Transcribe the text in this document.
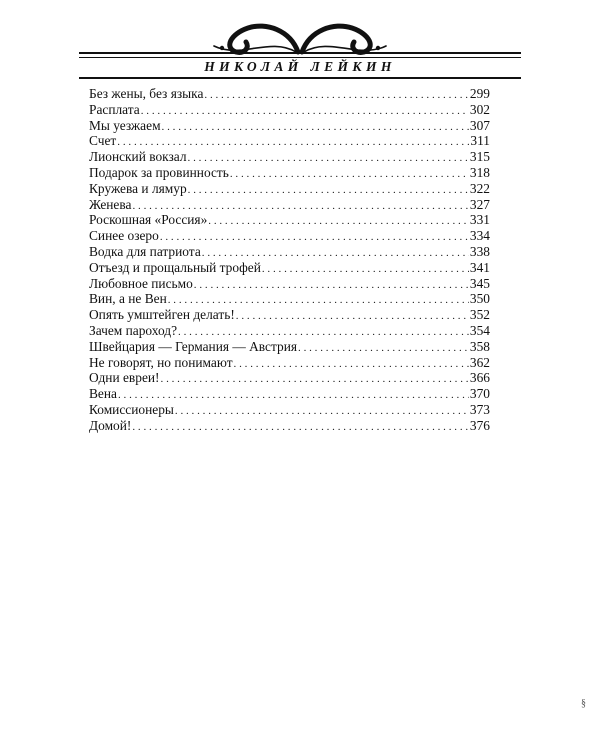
НИКОЛАЙ ЛЕЙКИН
Без жены, без языка .....	299
Расплата .....	302
Мы уезжаем .....	307
Счет .....	311
Лионский вокзал .....	315
Подарок за провинность .....	318
Кружева и лямур .....	322
Женева .....	327
Роскошная «Россия» .....	331
Синее озеро .....	334
Водка для патриота .....	338
Отъезд и прощальный трофей .....	341
Любовное письмо .....	345
Вин, а не Вен .....	350
Опять умштейген делать! .....	352
Зачем пароход? .....	354
Швейцария — Германия — Австрия .....	358
Не говорят, но понимают .....	362
Одни евреи! .....	366
Вена .....	370
Комиссионеры .....	373
Домой! .....	376
§
